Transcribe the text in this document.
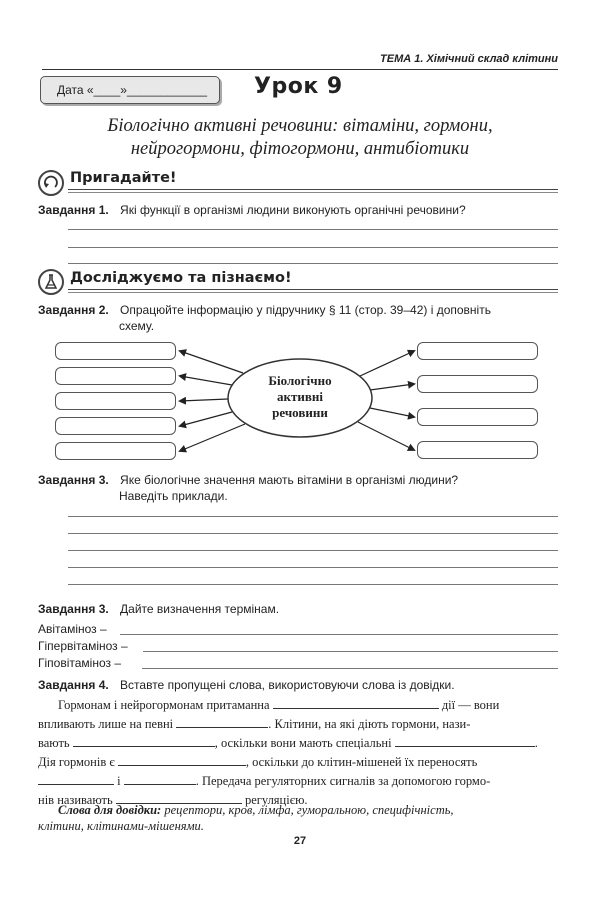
ТЕМА 1. Хімічний склад клітини
Дата «____»____________ Урок 9
Біологічно активні речовини: вітаміни, гормони,
нейрогормони, фітогормони, антибіотики
Пригадайте!
Завдання 1. Які функції в організмі людини виконують органічні речовини?
Досліджуємо та пізнаємо!
Завдання 2. Опрацюйте інформацію у підручнику § 11 (стор. 39–42) і доповніть
схему.
Біологічно
активні
речовини
Завдання 3. Яке біологічне значення мають вітаміни в організмі людини?
Наведіть приклади.
Завдання 3. Дайте визначення термінам.
Авітаміноз –
Гіпервітаміноз –
Гіповітаміноз –
Завдання 4. Вставте пропущені слова, використовуючи слова із довідки.
Гормонам і нейрогормонам притаманна	дії — вони
впливають лише на певні	. Клітини, на які діють гормони, нази-
вають	, оскільки вони мають спеціальні	.
Дія гормонів є	, оскільки до клітин-мішеней їх переносять
і	. Передача регуляторних сигналів за допомогою гормо-
нів називають	регуляцією.
Слова для довідки: рецептори, кров, лімфа, гуморальною, специфічність,
клітини, клітинами-мішенями.
27
